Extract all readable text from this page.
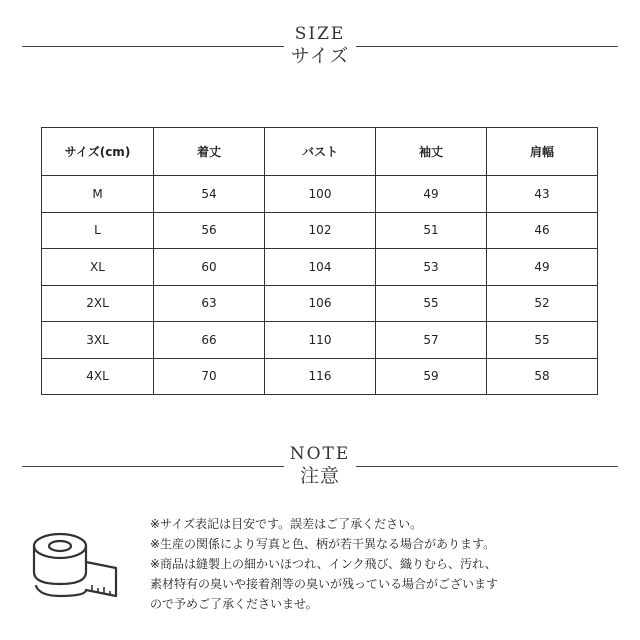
SIZE
サイズ
サイズ(cm)	着丈	バスト	袖丈	肩幅
M	54	100	49	43
L	56	102	51	46
XL	60	104	53	49
2XL	63	106	55	52
3XL	66	110	57	55
4XL	70	116	59	58
NOTE
注意

※サイズ表記は目安です。誤差はご了承ください。

※生産の関係により写真と色、柄が若干異なる場合があります。

※商品は縫製上の細かいほつれ、インク飛び、織りむら、汚れ、

素材特有の臭いや接着剤等の臭いが残っている場合がございます

ので予めご了承くださいませ。
